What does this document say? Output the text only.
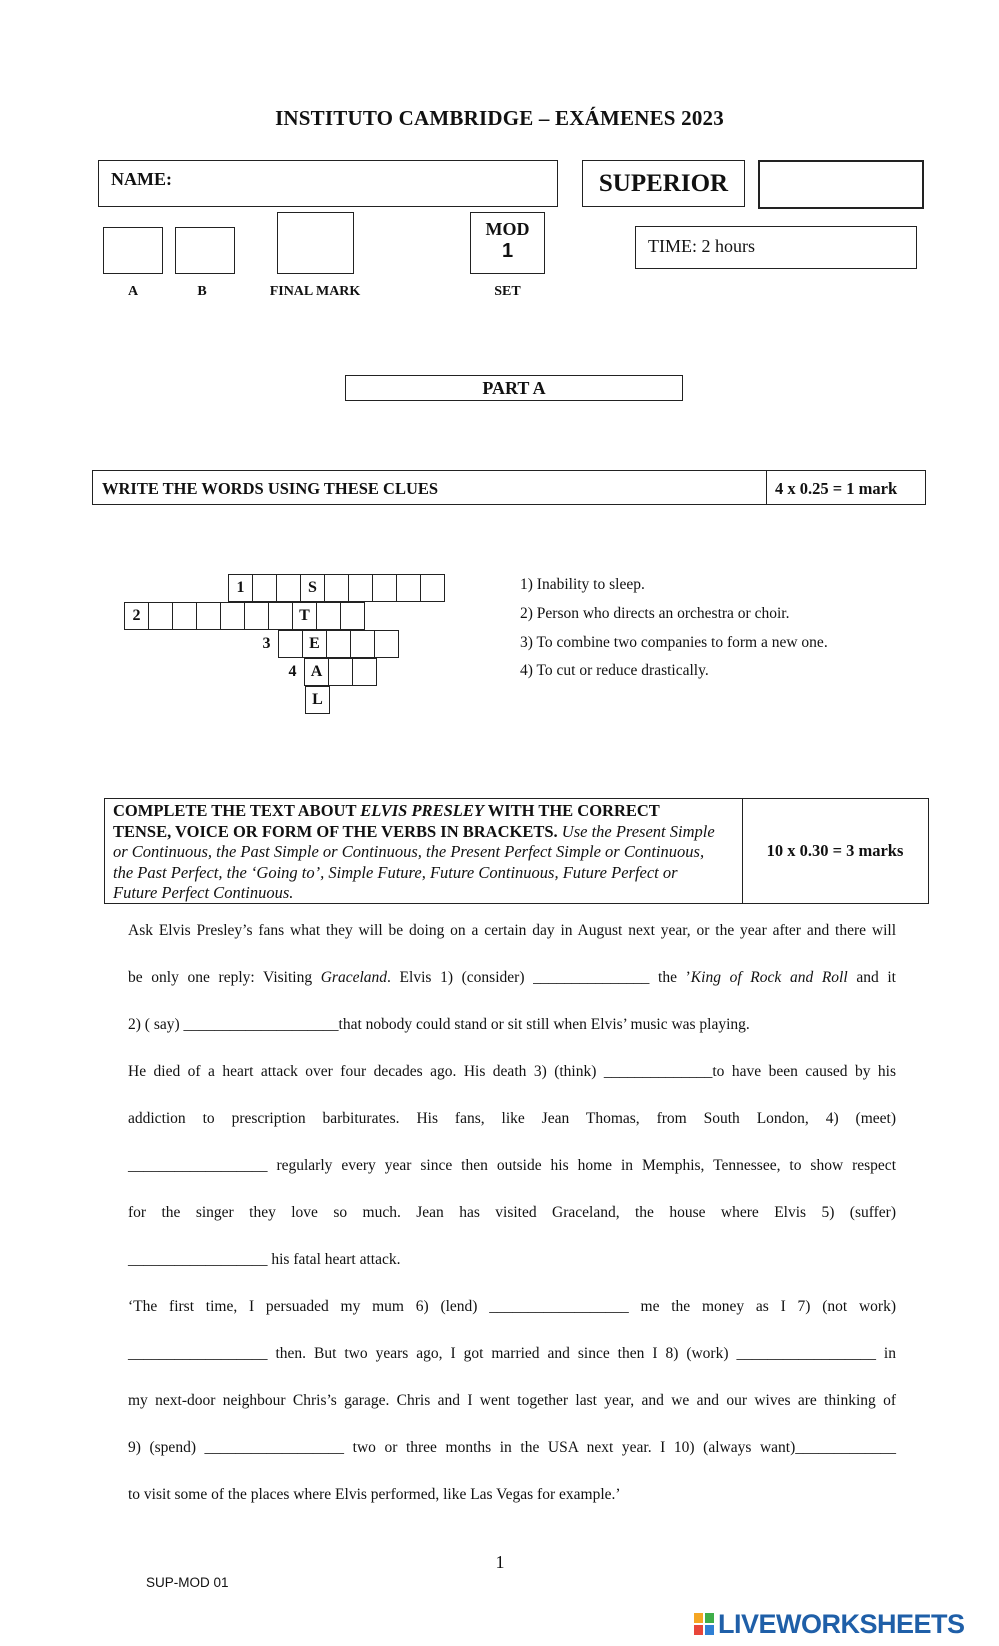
INSTITUTO CAMBRIDGE – EXÁMENES 2023
NAME:	SUPERIOR
MOD
1	TIME: 2 hours
A	B	FINAL MARK	SET
PART A
WRITE THE WORDS USING THESE CLUES	4 x 0.25 = 1 mark
1	S
2	T
3	E
4 A
L
1) Inability to sleep.
2) Person who directs an orchestra or choir.
3) To combine two companies to form a new one.
4) To cut or reduce drastically.
COMPLETE THE TEXT ABOUT ELVIS PRESLEY WITH THE CORRECT TENSE, VOICE OR FORM OF THE VERBS IN BRACKETS. Use the Present Simple or Continuous, the Past Simple or Continuous, the Present Perfect Simple or Continuous, the Past Perfect, the ‘Going to’, Simple Future, Future Continuous, Future Perfect or Future Perfect Continuous.
10 x 0.30 = 3 marks
Ask Elvis Presley’s fans what they will be doing on a certain day in August next year, or the year after and there will
be only one reply: Visiting Graceland. Elvis 1) (consider) _______________ the ’King of Rock and Roll and it
2) ( say) ____________________that nobody could stand or sit still when Elvis’ music was playing.
He died of a heart attack over four decades ago. His death 3) (think) ______________to have been caused by his
addiction to prescription barbiturates. His fans, like Jean Thomas, from South London, 4) (meet)
__________________ regularly every year since then outside his home in Memphis, Tennessee, to show respect
for the singer they love so much. Jean has visited Graceland, the house where Elvis 5) (suffer)
__________________ his fatal heart attack.
‘The first time, I persuaded my mum 6) (lend) __________________ me the money as I 7) (not work)
__________________ then. But two years ago, I got married and since then I 8) (work) __________________ in
my next-door neighbour Chris’s garage. Chris and I went together last year, and we and our wives are thinking of
9) (spend) __________________ two or three months in the USA next year. I 10) (always want)_____________
to visit some of the places where Elvis performed, like Las Vegas for example.’
1
SUP-MOD 01
LIVEWORKSHEETS
